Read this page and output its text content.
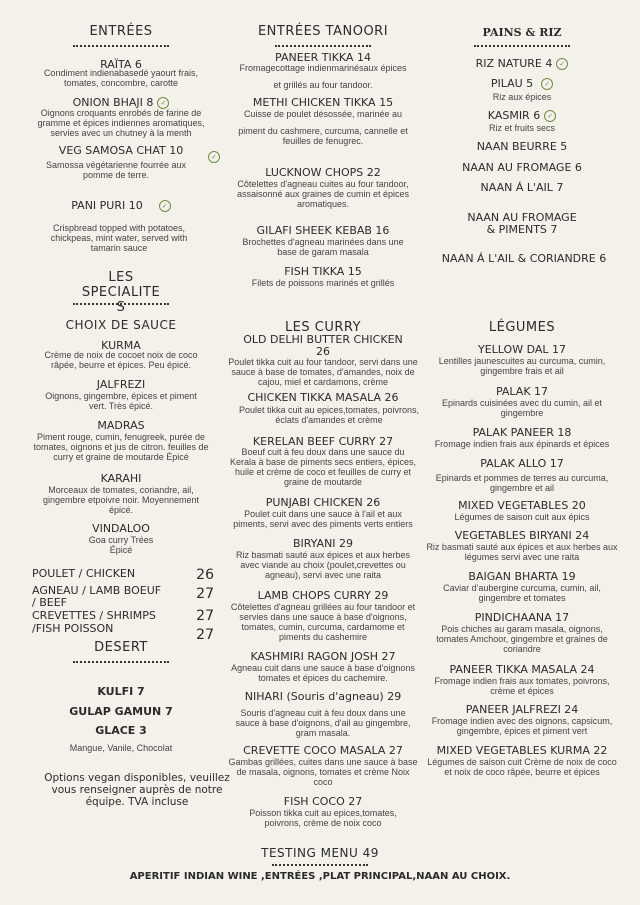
ENTRÉES
RAÏTA 6
Condiment indienabasedé yaourt frais, tomates, concombre, carotte
ONION BHAJI 8 ✓
Oignons croquants enrobés de farine de gramme et épices indiennes aromatiques, servies avec un chutney à la menth
VEG SAMOSA CHAT 10	✓
Samossa végétarienne fourrée aux pomme de terre.
PANI PURI 10	✓
Crispbread topped with potatoes, chickpeas, mint water, served with tamarin sauce
LES SPECIALITE S
CHOIX DE SAUCE
KURMA
Crème de noix de cocoet noix de coco râpée, beurre et épices. Peu épicé.
JALFREZI
Oignons, gingembre, épices et piment vert. Très épicé.
MADRAS
Piment rouge, cumin, fenugreek, purée de tomates, oignons et jus de citron. feuilles de curry et graine de moutarde Épicé
KARAHI
Morceaux de tomates, coriandre, ail, gingembre etpoivre noir. Moyennement épicé.
VINDALOO
Goa curry Trées Épicé
POULET / CHICKEN	26
AGNEAU / LAMB BOEUF / BEEF
27
CREVETTES / SHRIMPS	27
/FISH POISSON	27
DESERT
KULFI 7
GULAP GAMUN 7
GLACE 3
Mangue, Vanile, Chocolat
Options vegan disponibles, veuillez vous renseigner auprès de notre équipe. TVA incluse
ENTRÉES TANOORI
PANEER TIKKA 14
Fromagecottage indienmarinésaux épices
et grillés au four tandoor.
METHI CHICKEN TIKKA 15
Cuisse de poulet désossée, marinée au
piment du cashmere, curcuma, cannelle et feuilles de fenugrec.
LUCKNOW CHOPS 22
Côtelettes d'agneau cuites au four tandoor, assaisonné aux graines de cumin et épices aromatiques.
GILAFI SHEEK KEBAB 16
Brochettes d'agneau marinées dans une base de garam masala
FISH TIKKA 15
Filets de poissons marinés et grillés
LES CURRY
OLD DELHI BUTTER CHICKEN 26
Poulet tikka cuit au four tandoor, servi dans une sauce à base de tomates, d'amandes, noix de cajou, miel et cardamons, crème
CHICKEN TIKKA MASALA 26
Poulet tikka cuit au epices,tomates, poivrons, éclats d'amandes et crème
KERELAN BEEF CURRY 27
Boeuf cuit à feu doux dans une sauce du Kerala à base de piments secs entiers, épices, huile et crème de coco et feuilles de curry et graine de moutarde
PUNJABI CHICKEN 26
Poulet cuit dans une sauce à l'ail et aux piments, servi avec des piments verts entiers
BIRYANI 29
Riz basmati sauté aux épices et aux herbes avec viande au choix (poulet,crevettes ou agneau), servi avec une raita
LAMB CHOPS CURRY 29
Côtelettes d'agneau grillées au four tandoor et servies dans une sauce à base d'oignons, tomates, cumin, curcuma, cardamome et piments du cashemire
KASHMIRI RAGON JOSH 27
Agneau cuit dans une sauce à base d'oignons tomates et épices du cachemire.
NIHARI (Souris d'agneau) 29
Souris d'agneau cuit à feu doux dans une sauce à base d'oignons, d'ail au gingembre, gram masala.
CREVETTE COCO MASALA 27
Gambas grillées, cuites dans une sauce à base de masala, oignons, tomates et crème Noix coco
FISH COCO 27
Poisson tikka cuit au epices,tomates, poivrons, crème de noix coco
PAINS & RIZ
RIZ NATURE 4 ✓
PILAU 5 ✓
Riz aux épices
KASMIR 6 ✓
Riz et fruits secs
NAAN BEURRE 5
NAAN AU FROMAGE 6
NAAN Á L'AIL 7
NAAN AU FROMAGE & PIMENTS 7
NAAN Á L'AIL & CORIANDRE 6
LÉGUMES
YELLOW DAL 17
Lentilles jaunescuites au curcuma, cumin, gingembre frais et ail
PALAK 17
Epinards cuisinées avec du cumin, ail et gingembre
PALAK PANEER 18
Fromage indien frais aux épinards et épices
PALAK ALLO 17
Epinards et pommes de terres au curcuma, gingembre et ail
MIXED VEGETABLES 20
Légumes de saison cuit aux épics
VEGETABLES BIRYANI 24
Riz basmati sauté aux épices et aux herbes aux légumes servi avec une raita
BAIGAN BHARTA 19
Caviar d'aubergine curcuma, cumin, ail, gingembre et tomates
PINDICHAANA 17
Pois chiches au garam masala, oignons, tomates Amchoor, gingembre et graines de coriandre
PANEER TIKKA MASALA 24
Fromage indien frais aux tomates, poivrons, crème et épices
PANEER JALFREZI 24
Fromage indien avec des oignons, capsicum, gingembre, épices et piment vert
MIXED VEGETABLES KURMA 22
Légumes de saison cuit Crème de noix de coco et noix de coco râpée, beurre et épices
TESTING MENU 49
APERITIF INDIAN WINE ,ENTRÉES ,PLAT PRINCIPAL,NAAN AU CHOIX.
